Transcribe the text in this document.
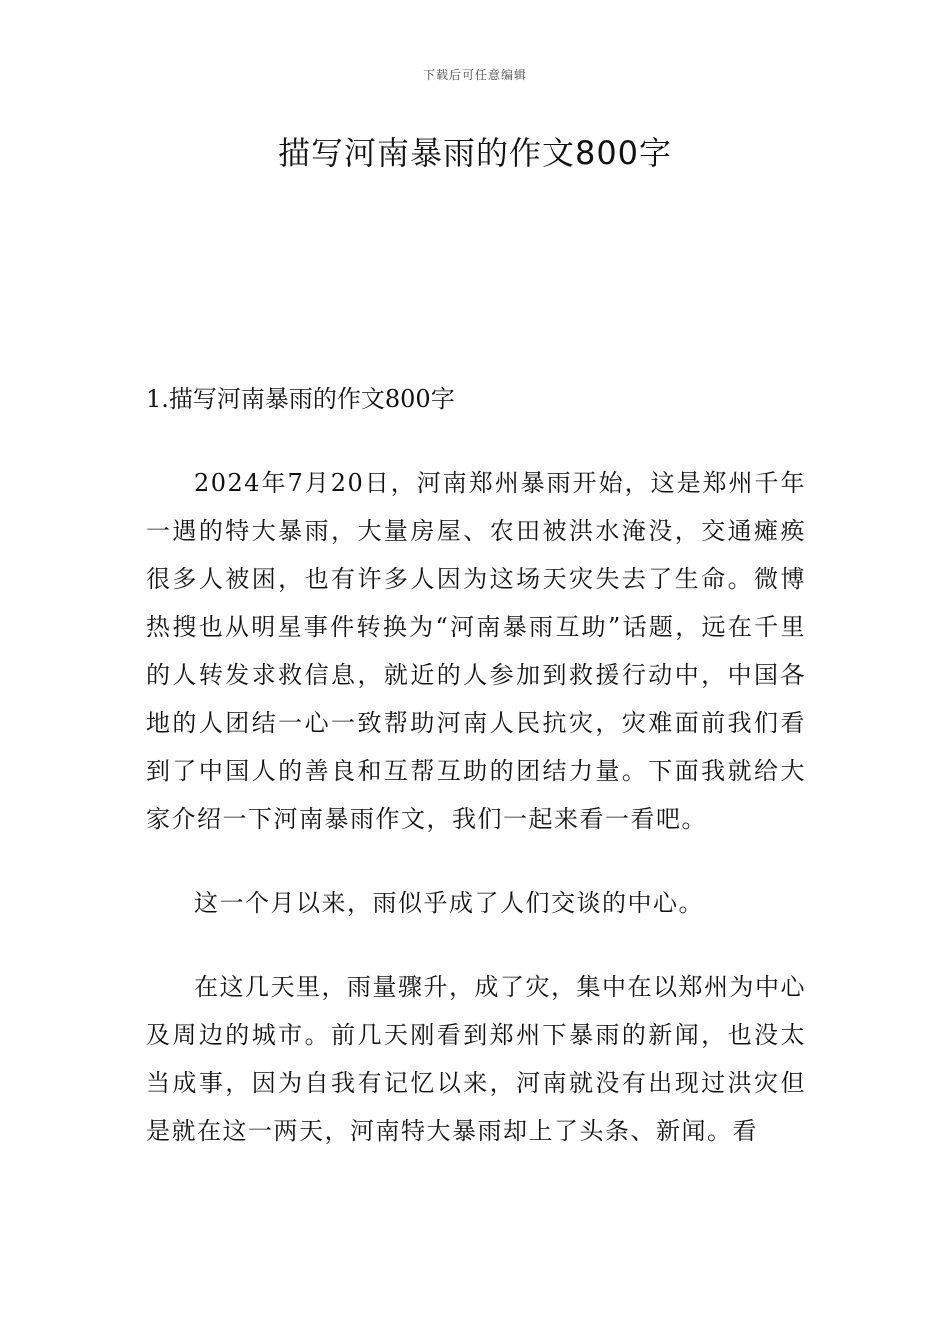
下载后可任意编辑
描写河南暴雨的作文800字

1.描写河南暴雨的作文800字

2024年7月20日，河南郑州暴雨开始，这是郑州千年一遇的特大暴雨，大量房屋、农田被洪水淹没，交通瘫痪很多人被困，也有许多人因为这场天灾失去了生命。微博热搜也从明星事件转换为“河南暴雨互助”话题，远在千里的人转发求救信息，就近的人参加到救援行动中，中国各地的人团结一心一致帮助河南人民抗灾，灾难面前我们看到了中国人的善良和互帮互助的团结力量。下面我就给大家介绍一下河南暴雨作文，我们一起来看一看吧。

这一个月以来，雨似乎成了人们交谈的中心。

在这几天里，雨量骤升，成了灾，集中在以郑州为中心及周边的城市。前几天刚看到郑州下暴雨的新闻，也没太当成事，因为自我有记忆以来，河南就没有出现过洪灾但是就在这一两天，河南特大暴雨却上了头条、新闻。看
